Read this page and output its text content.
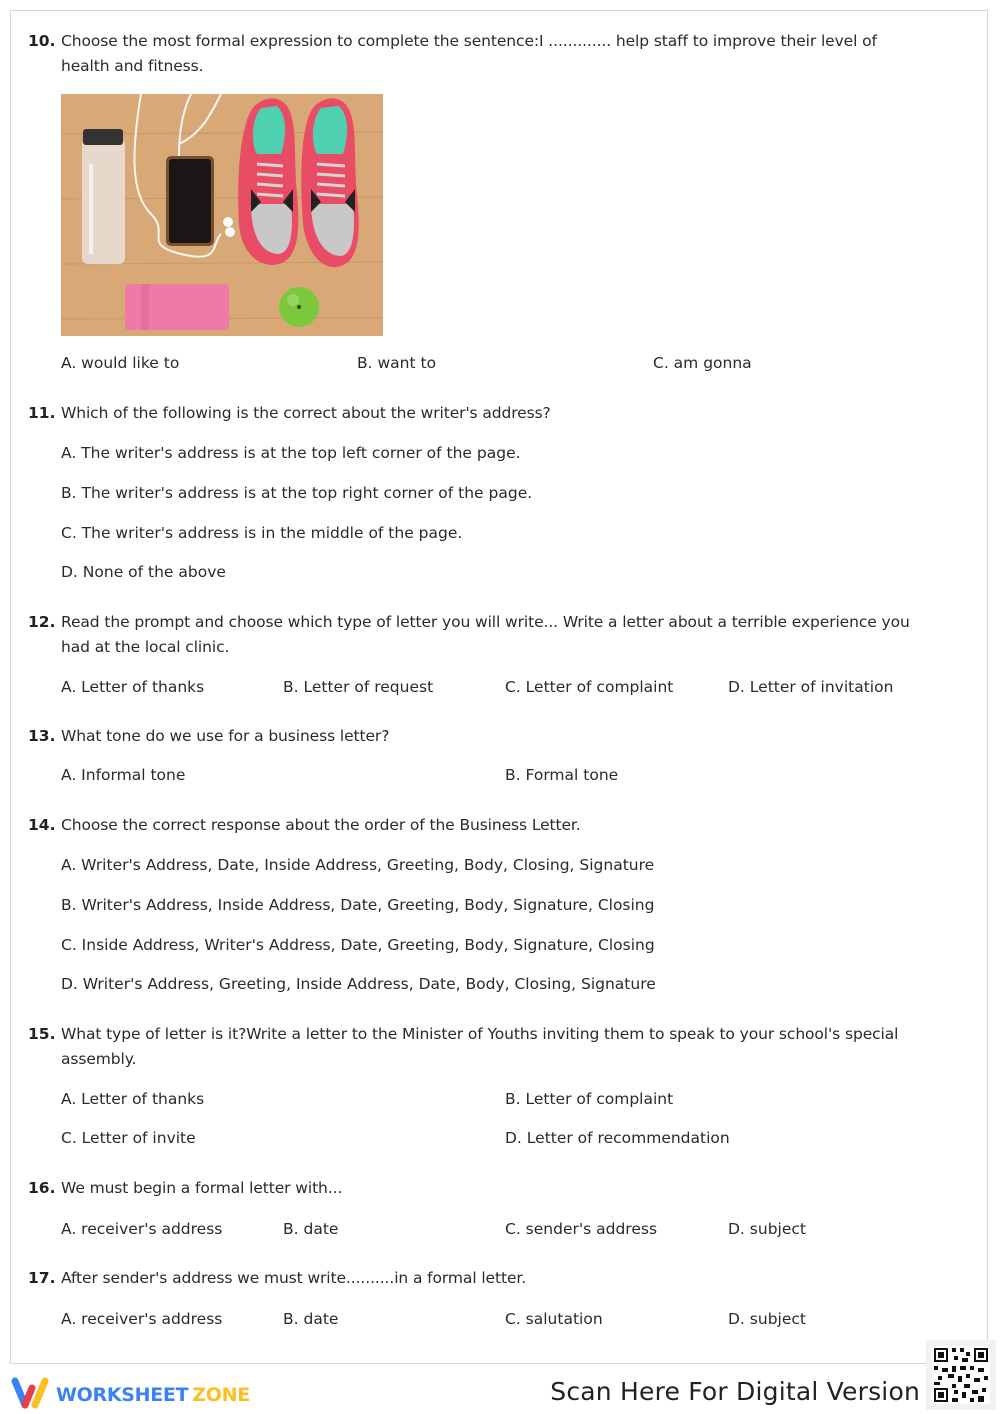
10. Choose the most formal expression to complete the sentence:I ............. help staff to improve their level of health and fitness.
A. would like to	B. want to	C. am gonna
11. Which of the following is the correct about the writer's address?
A. The writer's address is at the top left corner of the page.
B. The writer's address is at the top right corner of the page.
C. The writer's address is in the middle of the page.
D. None of the above
12. Read the prompt and choose which type of letter you will write... Write a letter about a terrible experience you had at the local clinic.
A. Letter of thanks	B. Letter of request	C. Letter of complaint	D. Letter of invitation
13. What tone do we use for a business letter?
A. Informal tone	B. Formal tone
14. Choose the correct response about the order of the Business Letter.
A. Writer's Address, Date, Inside Address, Greeting, Body, Closing, Signature
B. Writer's Address, Inside Address, Date, Greeting, Body, Signature, Closing
C. Inside Address, Writer's Address, Date, Greeting, Body, Signature, Closing
D. Writer's Address, Greeting, Inside Address, Date, Body, Closing, Signature
15. What type of letter is it?Write a letter to the Minister of Youths inviting them to speak to your school's special assembly.
A. Letter of thanks	B. Letter of complaint
C. Letter of invite	D. Letter of recommendation
16. We must begin a formal letter with...
A. receiver's address	B. date	C. sender's address	D. subject
17. After sender's address we must write..........in a formal letter.
A. receiver's address	B. date	C. salutation	D. subject
WORKSHEET ZONE	Scan Here For Digital Version
